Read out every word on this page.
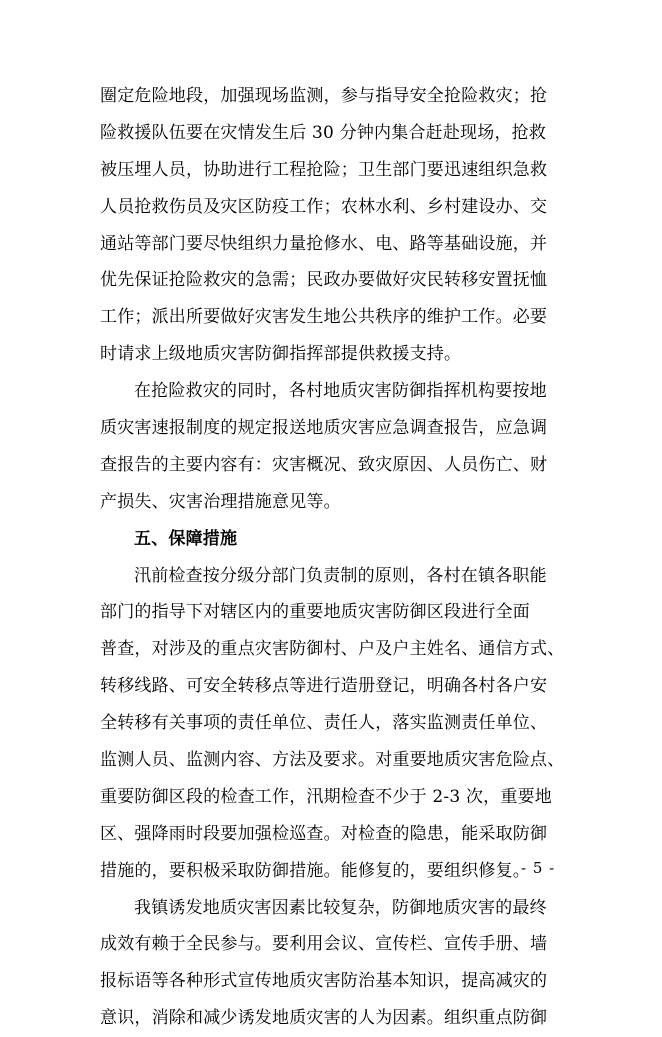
圈定危险地段，加强现场监测，参与指导安全抢险救灾；抢
险救援队伍要在灾情发生后 30 分钟内集合赶赴现场，抢救
被压埋人员，协助进行工程抢险；卫生部门要迅速组织急救
人员抢救伤员及灾区防疫工作；农林水利、乡村建设办、交
通站等部门要尽快组织力量抢修水、电、路等基础设施，并
优先保证抢险救灾的急需；民政办要做好灾民转移安置抚恤
工作；派出所要做好灾害发生地公共秩序的维护工作。必要
时请求上级地质灾害防御指挥部提供救援支持。
在抢险救灾的同时，各村地质灾害防御指挥机构要按地
质灾害速报制度的规定报送地质灾害应急调查报告，应急调
查报告的主要内容有：灾害概况、致灾原因、人员伤亡、财
产损失、灾害治理措施意见等。
五、保障措施
汛前检查按分级分部门负责制的原则，各村在镇各职能
部门的指导下对辖区内的重要地质灾害防御区段进行全面
普查，对涉及的重点灾害防御村、户及户主姓名、通信方式、
转移线路、可安全转移点等进行造册登记，明确各村各户安
全转移有关事项的责任单位、责任人，落实监测责任单位、
监测人员、监测内容、方法及要求。对重要地质灾害危险点、
重要防御区段的检查工作，汛期检查不少于 2-3 次，重要地
区、强降雨时段要加强检巡查。对检查的隐患，能采取防御
措施的，要积极采取防御措施。能修复的，要组织修复。
我镇诱发地质灾害因素比较复杂，防御地质灾害的最终
成效有赖于全民参与。要利用会议、宣传栏、宣传手册、墙
报标语等各种形式宣传地质灾害防治基本知识，提高减灾的
意识，消除和减少诱发地质灾害的人为因素。组织重点防御
- 5 -
